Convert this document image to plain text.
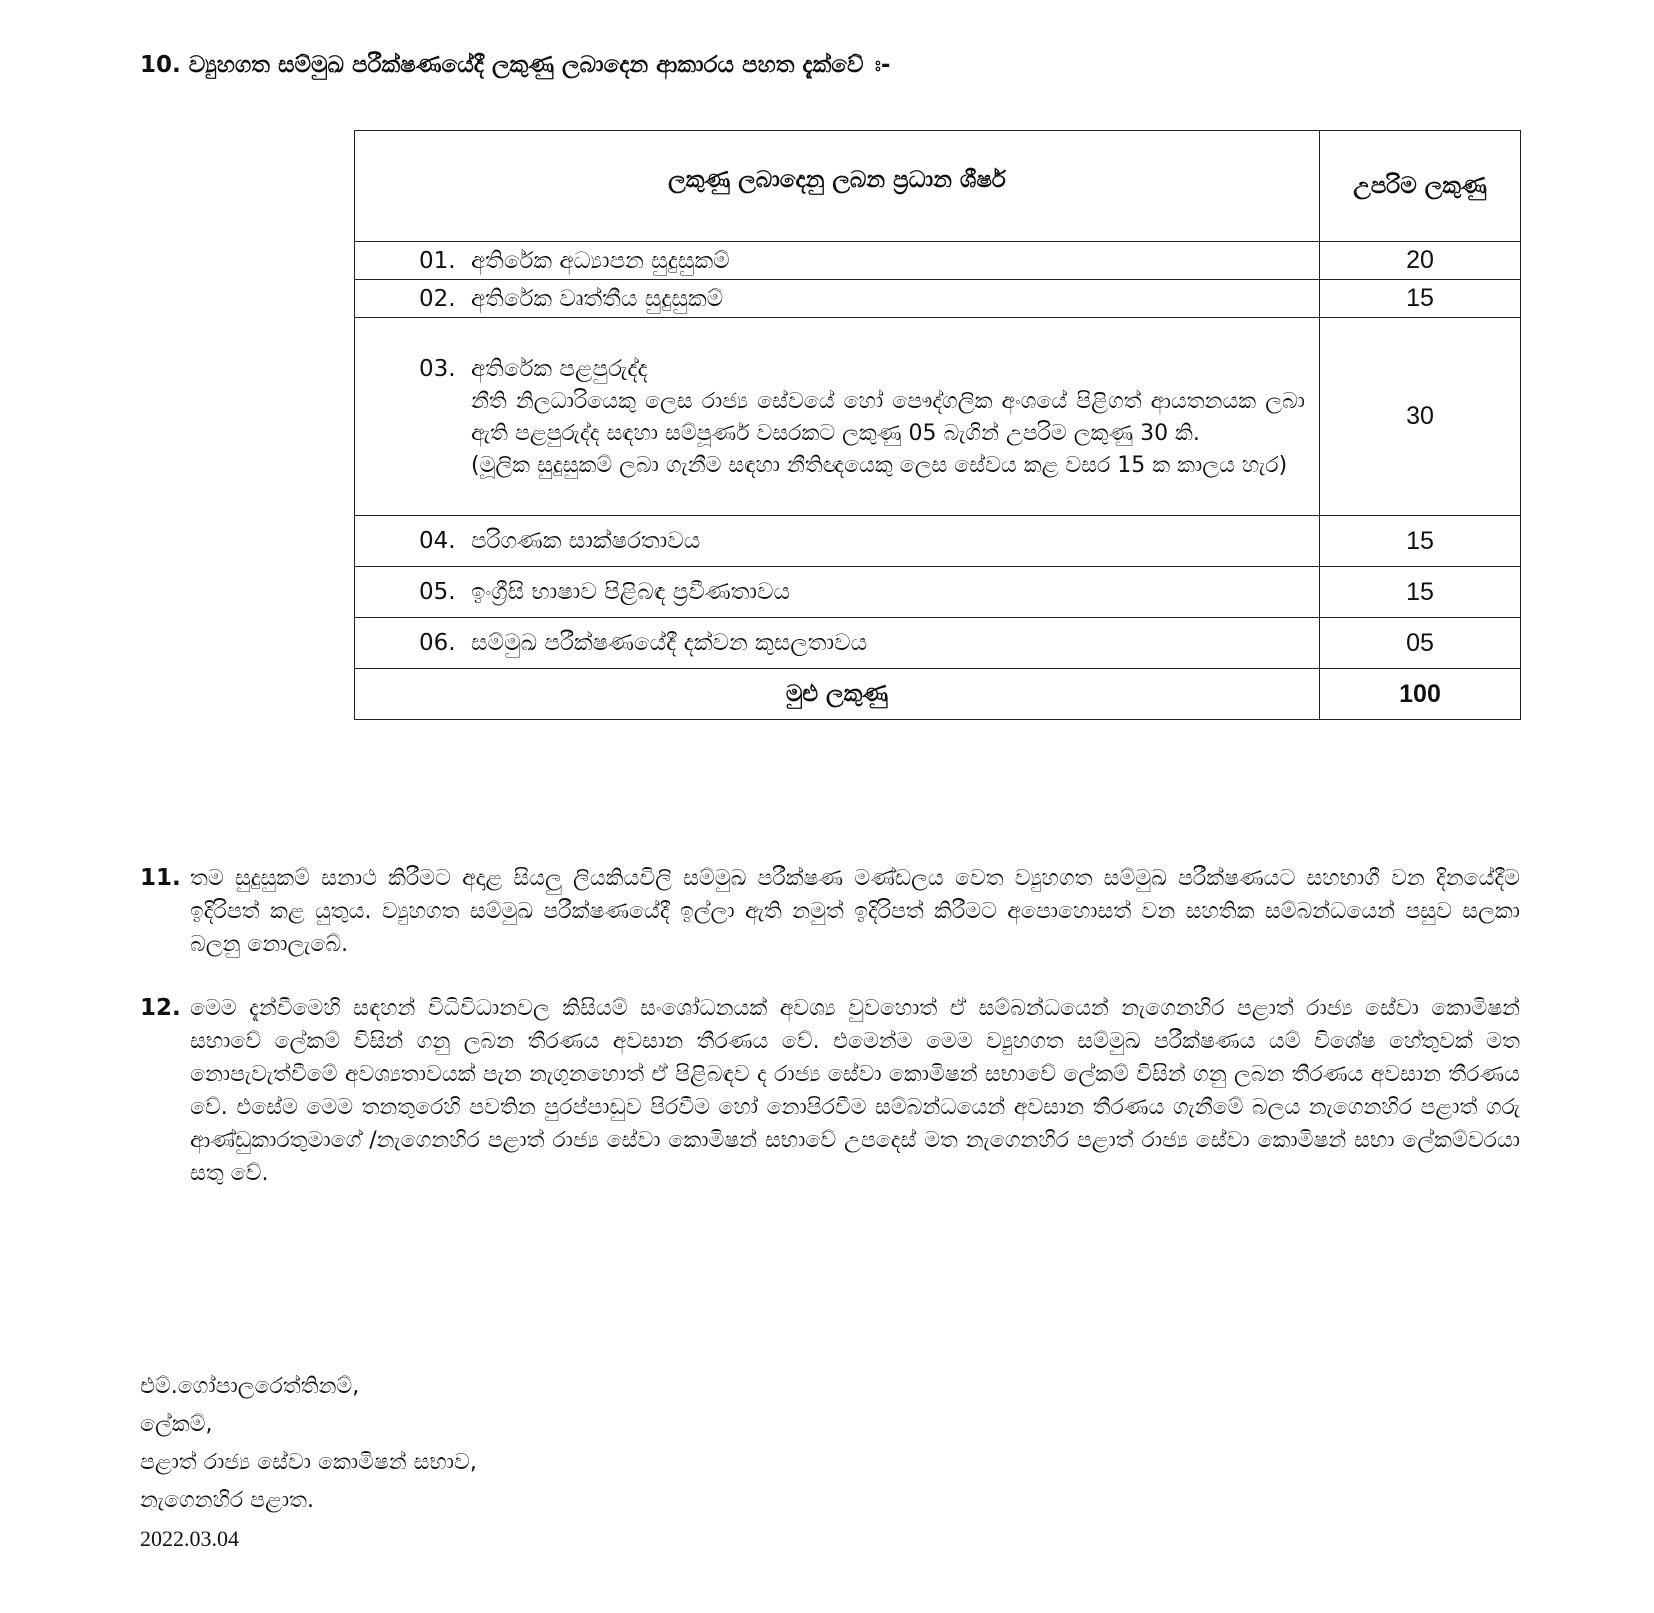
10. ව්‍යුහගත සම්මුඛ පරීක්ෂණයේදී ලකුණු ලබාදෙන ආකාරය පහත දැක්වේ ඃ-
ලකුණු ලබාදෙනු ලබන ප්‍රධාන ශීර්ෂ	උපරිම ලකුණු
01. අතිරේක අධ්‍යාපන සුදුසුකම්	20
02. අතිරේක වෘත්තීය සුදුසුකම්	15

03. අතිරේක පළපුරුද්ද
නීති නිලධාරියෙකු ලෙස රාජ්‍ය සේවයේ හෝ පෞද්ගලික අංශයේ පිළිගත් ආයතනයක ලබා ඇති පළපුරුද්ද සඳහා සම්පූර්ණ වසරකට ලකුණු 05 බැගින් උපරිම ලකුණු 30 කි.
(මූලික සුදුසුකම් ලබා ගැනීම සඳහා නීතිඥයෙකු ලෙස සේවය කළ වසර 15 ක කාලය හැර)	30
04. පරිගණක සාක්ෂරතාවය	15
05. ඉංග්‍රීසි භාෂාව පිළිබඳ ප්‍රවීණතාවය	15
06. සම්මුඛ පරීක්ෂණයේදී දක්වන කුසලතාවය	05
මුළු ලකුණු	100
11. තම සුදුසුකම් සනාථ කිරීමට අදාළ සියලු ලියකියවිලි සම්මුඛ පරීක්ෂණ මණ්ඩලය වෙත ව්‍යුහගත සම්මුඛ පරීක්ෂණයට සහභාගී වන දිනයේදීම ඉදිරිපත් කළ යුතුය. ව්‍යුහගත සම්මුඛ පරීක්ෂණයේදී ඉල්ලා ඇති නමුත් ඉදිරිපත් කිරීමට අපොහොසත් වන සහතික සම්බන්ධයෙන් පසුව සලකා බලනු නොලැබේ.
12. මෙම දැන්වීමෙහි සඳහන් විධිවිධානවල කිසියම් සංශෝධනයක් අවශ්‍ය වුවහොත් ඒ සම්බන්ධයෙන් නැගෙනහිර පළාත් රාජ්‍ය සේවා කොමිෂන් සභාවේ ලේකම් විසින් ගනු ලබන තීරණය අවසාන තීරණය වේ. එමෙන්ම මෙම ව්‍යුහගත සම්මුඛ පරීක්ෂණය යම් විශේෂ හේතුවක් මත නොපැවැත්වීමේ අවශ්‍යතාවයක් පැන නැගුනහොත් ඒ පිළිබඳව ද රාජ්‍ය සේවා කොමිෂන් සභාවේ ලේකම් විසින් ගනු ලබන තීරණය අවසාන තීරණය වේ. එසේම මෙම තනතුරෙහි පවතින පුරප්පාඩුව පිරවීම හෝ නොපිරවීම සම්බන්ධයෙන් අවසාන තීරණය ගැනීමේ බලය නැගෙනහිර පළාත් ගරු ආණ්ඩුකාරතුමාගේ /නැගෙනහිර පළාත් රාජ්‍ය සේවා කොමිෂන් සභාවේ උපදෙස් මත නැගෙනහිර පළාත් රාජ්‍ය සේවා කොමිෂන් සභා ලේකම්වරයා සතු වේ.
එම්.ගෝපාලරෙත්තිනම්,
ලේකම්,
පළාත් රාජ්‍ය සේවා කොමිෂන් සභාව,
නැගෙනහිර පළාත.
2022.03.04
